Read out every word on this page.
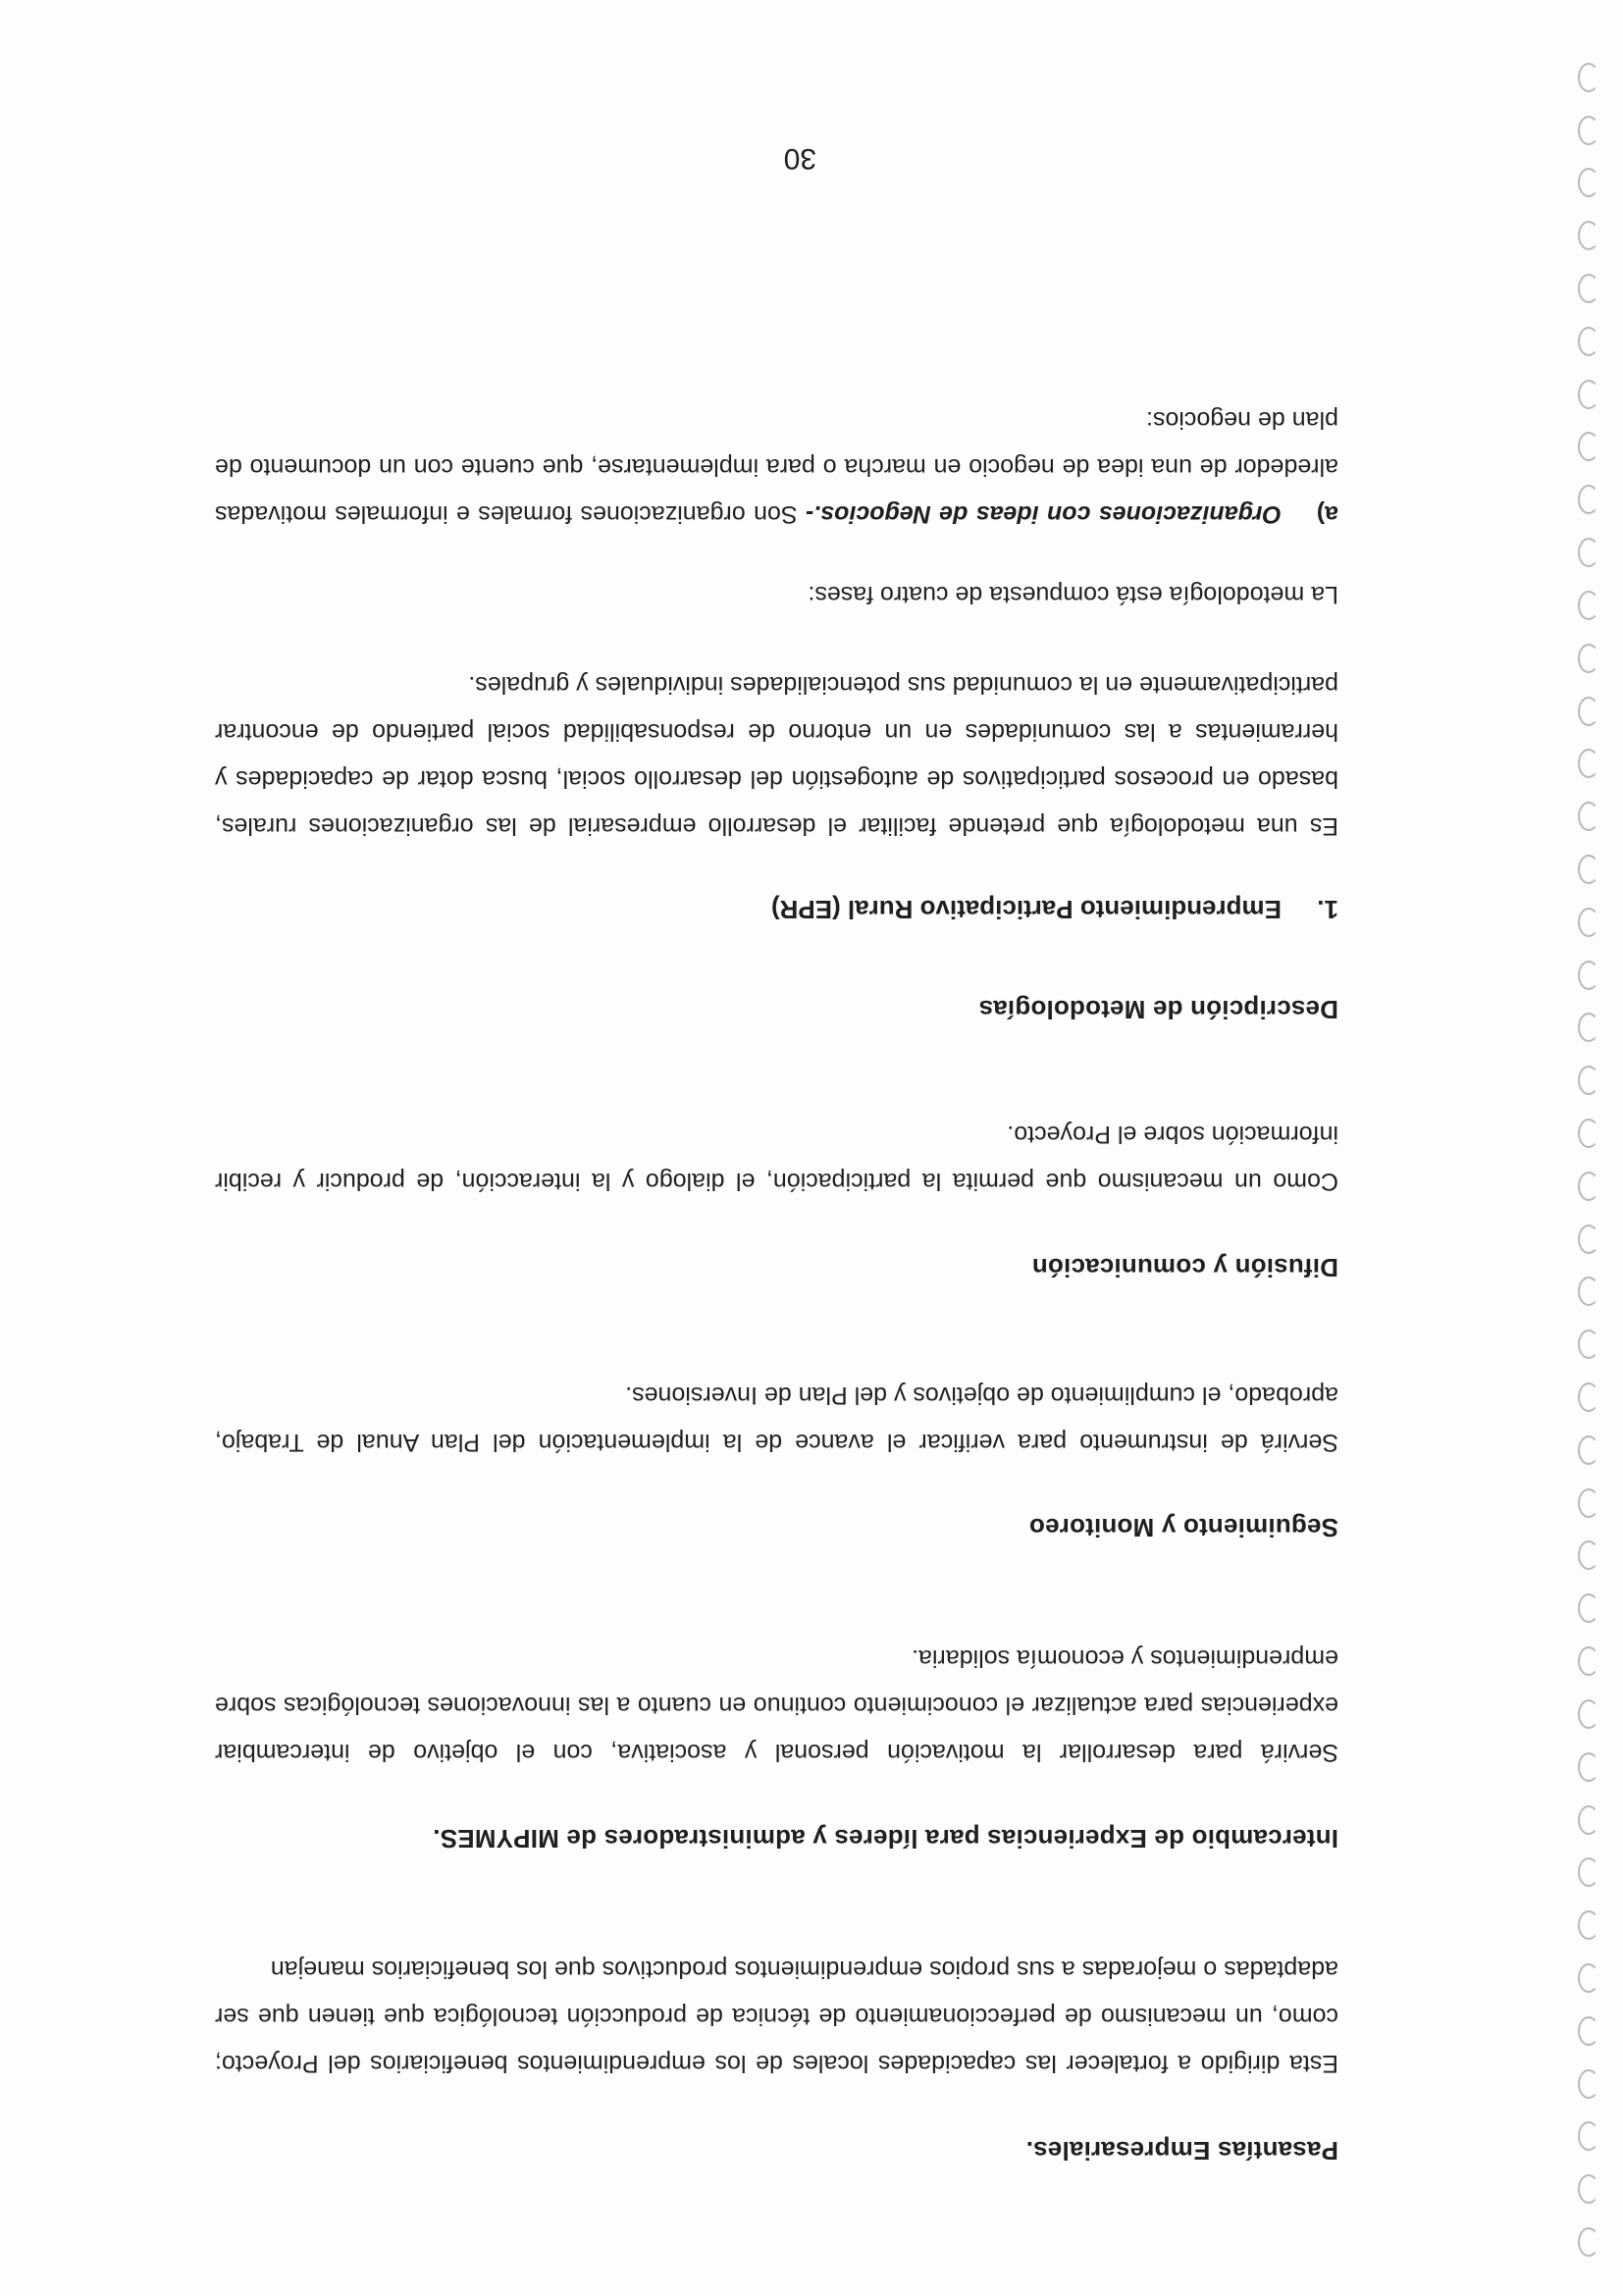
30
Pasantías Empresariales.

Esta dirigido a fortalecer las capacidades locales de los emprendimientos beneficiarios del Proyecto; como, un mecanismo de perfeccionamiento de técnica de producción tecnológica que tienen que ser adaptadas o mejoradas a sus propios emprendimientos productivos que los beneficiarios manejan

Intercambio de Experiencias para líderes y administradores de MIPYMES.

Servirá para desarrollar la motivación personal y asociativa, con el objetivo de intercambiar experiencias para actualizar el conocimiento continuo en cuanto a las innovaciones tecnológicas sobre emprendimientos y economía solidaria.

Seguimiento y Monitoreo

Servirá de instrumento para verificar el avance de la implementación del Plan Anual de Trabajo, aprobado, el cumplimiento de objetivos y del Plan de Inversiones.

Difusión y comunicación

Como un mecanismo que permita la participación, el dialogo y la interacción, de producir y recibir información sobre el Proyecto.

Descripción de Metodologías
1.Emprendimiento Participativo Rural (EPR)

Es una metodología que pretende facilitar el desarrollo empresarial de las organizaciones rurales, basado en procesos participativos de autogestión del desarrollo social, busca dotar de capacidades y herramientas a las comunidades en un entorno de responsabilidad social partiendo de encontrar participativamente en la comunidad sus potencialidades individuales y grupales.

La metodología está compuesta de cuatro fases:

a)Organizaciones con ideas de Negocios.- Son organizaciones formales e informales motivadas alrededor de una idea de negocio en marcha o para implementarse, que cuente con un documento de plan de negocios:
